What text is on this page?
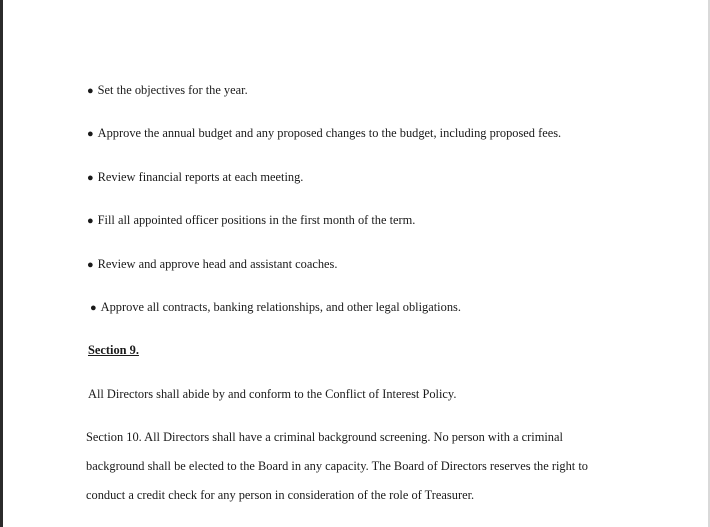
● Set the objectives for the year.
● Approve the annual budget and any proposed changes to the budget, including proposed fees.
● Review financial reports at each meeting.
● Fill all appointed officer positions in the first month of the term.
● Review and approve head and assistant coaches.
● Approve all contracts, banking relationships, and other legal obligations.
Section 9.
All Directors shall abide by and conform to the Conflict of Interest Policy.
Section 10. All Directors shall have a criminal background screening. No person with a criminal
background shall be elected to the Board in any capacity. The Board of Directors reserves the right to
conduct a credit check for any person in consideration of the role of Treasurer.
